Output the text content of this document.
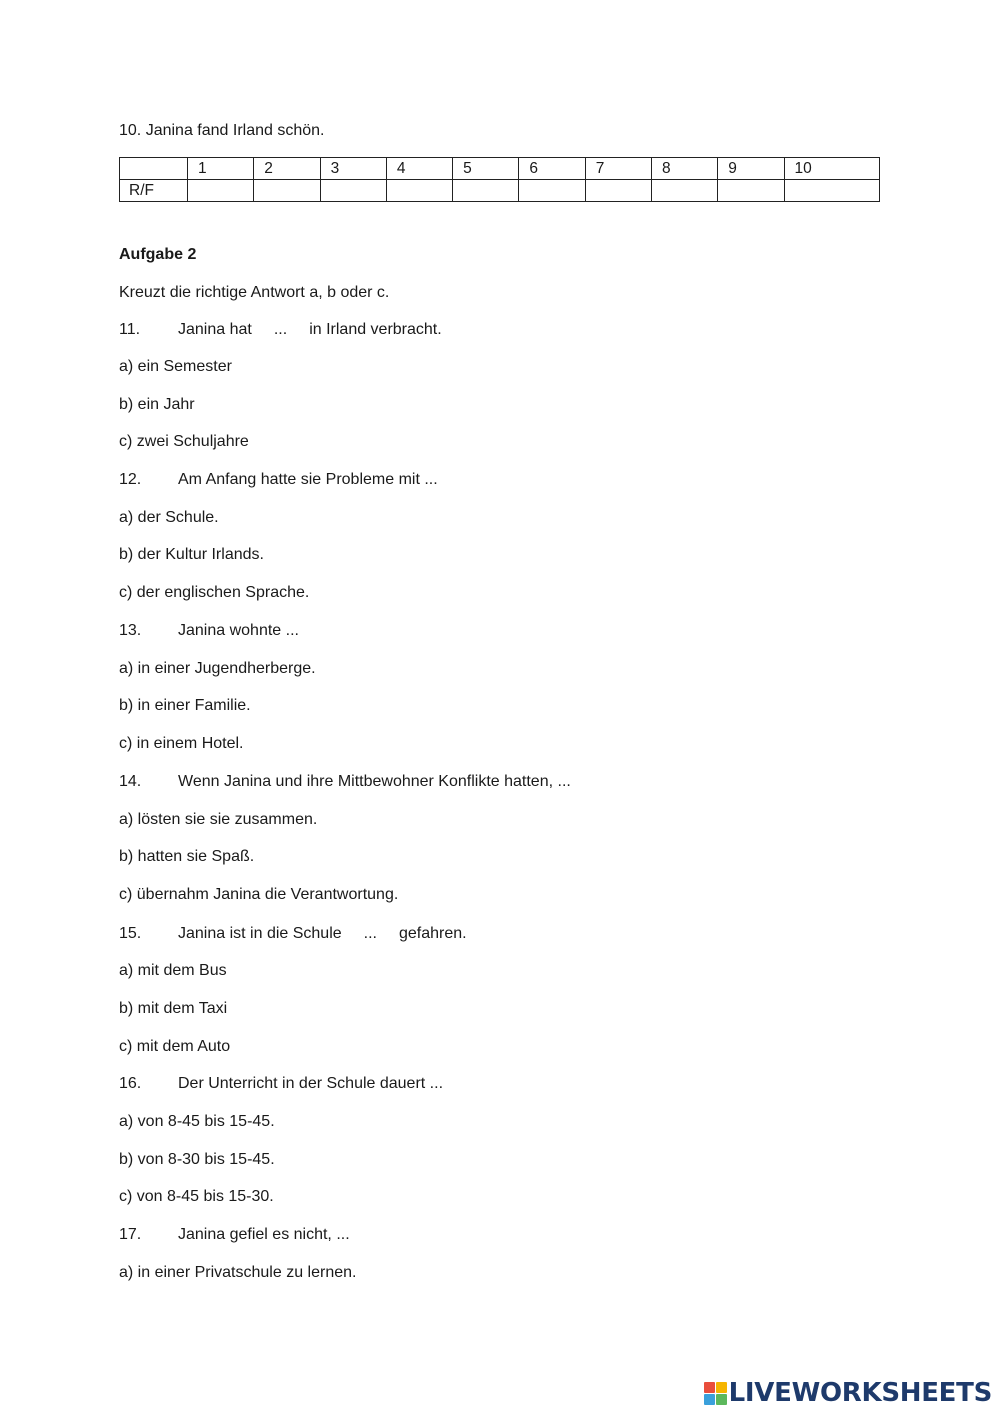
10. Janina fand Irland schön.
	1	2	3	4	5	6	7	8	9	10
R/F										
Aufgabe 2
Kreuzt die richtige Antwort a, b oder c.
11. Janina hat ... in Irland verbracht.
a) ein Semester
b) ein Jahr
c) zwei Schuljahre
12. Am Anfang hatte sie Probleme mit ...
a) der Schule.
b) der Kultur Irlands.
c) der englischen Sprache.
13. Janina wohnte ...
a) in einer Jugendherberge.
b) in einer Familie.
c) in einem Hotel.
14. Wenn Janina und ihre Mittbewohner Konflikte hatten, ...
a) lösten sie sie zusammen.
b) hatten sie Spaß.
c) übernahm Janina die Verantwortung.
15. Janina ist in die Schule ... gefahren.
a) mit dem Bus
b) mit dem Taxi
c) mit dem Auto
16. Der Unterricht in der Schule dauert ...
a) von 8-45 bis 15-45.
b) von 8-30 bis 15-45.
c) von 8-45 bis 15-30.
17. Janina gefiel es nicht, ...
a) in einer Privatschule zu lernen.
LIVEWORKSHEETS
